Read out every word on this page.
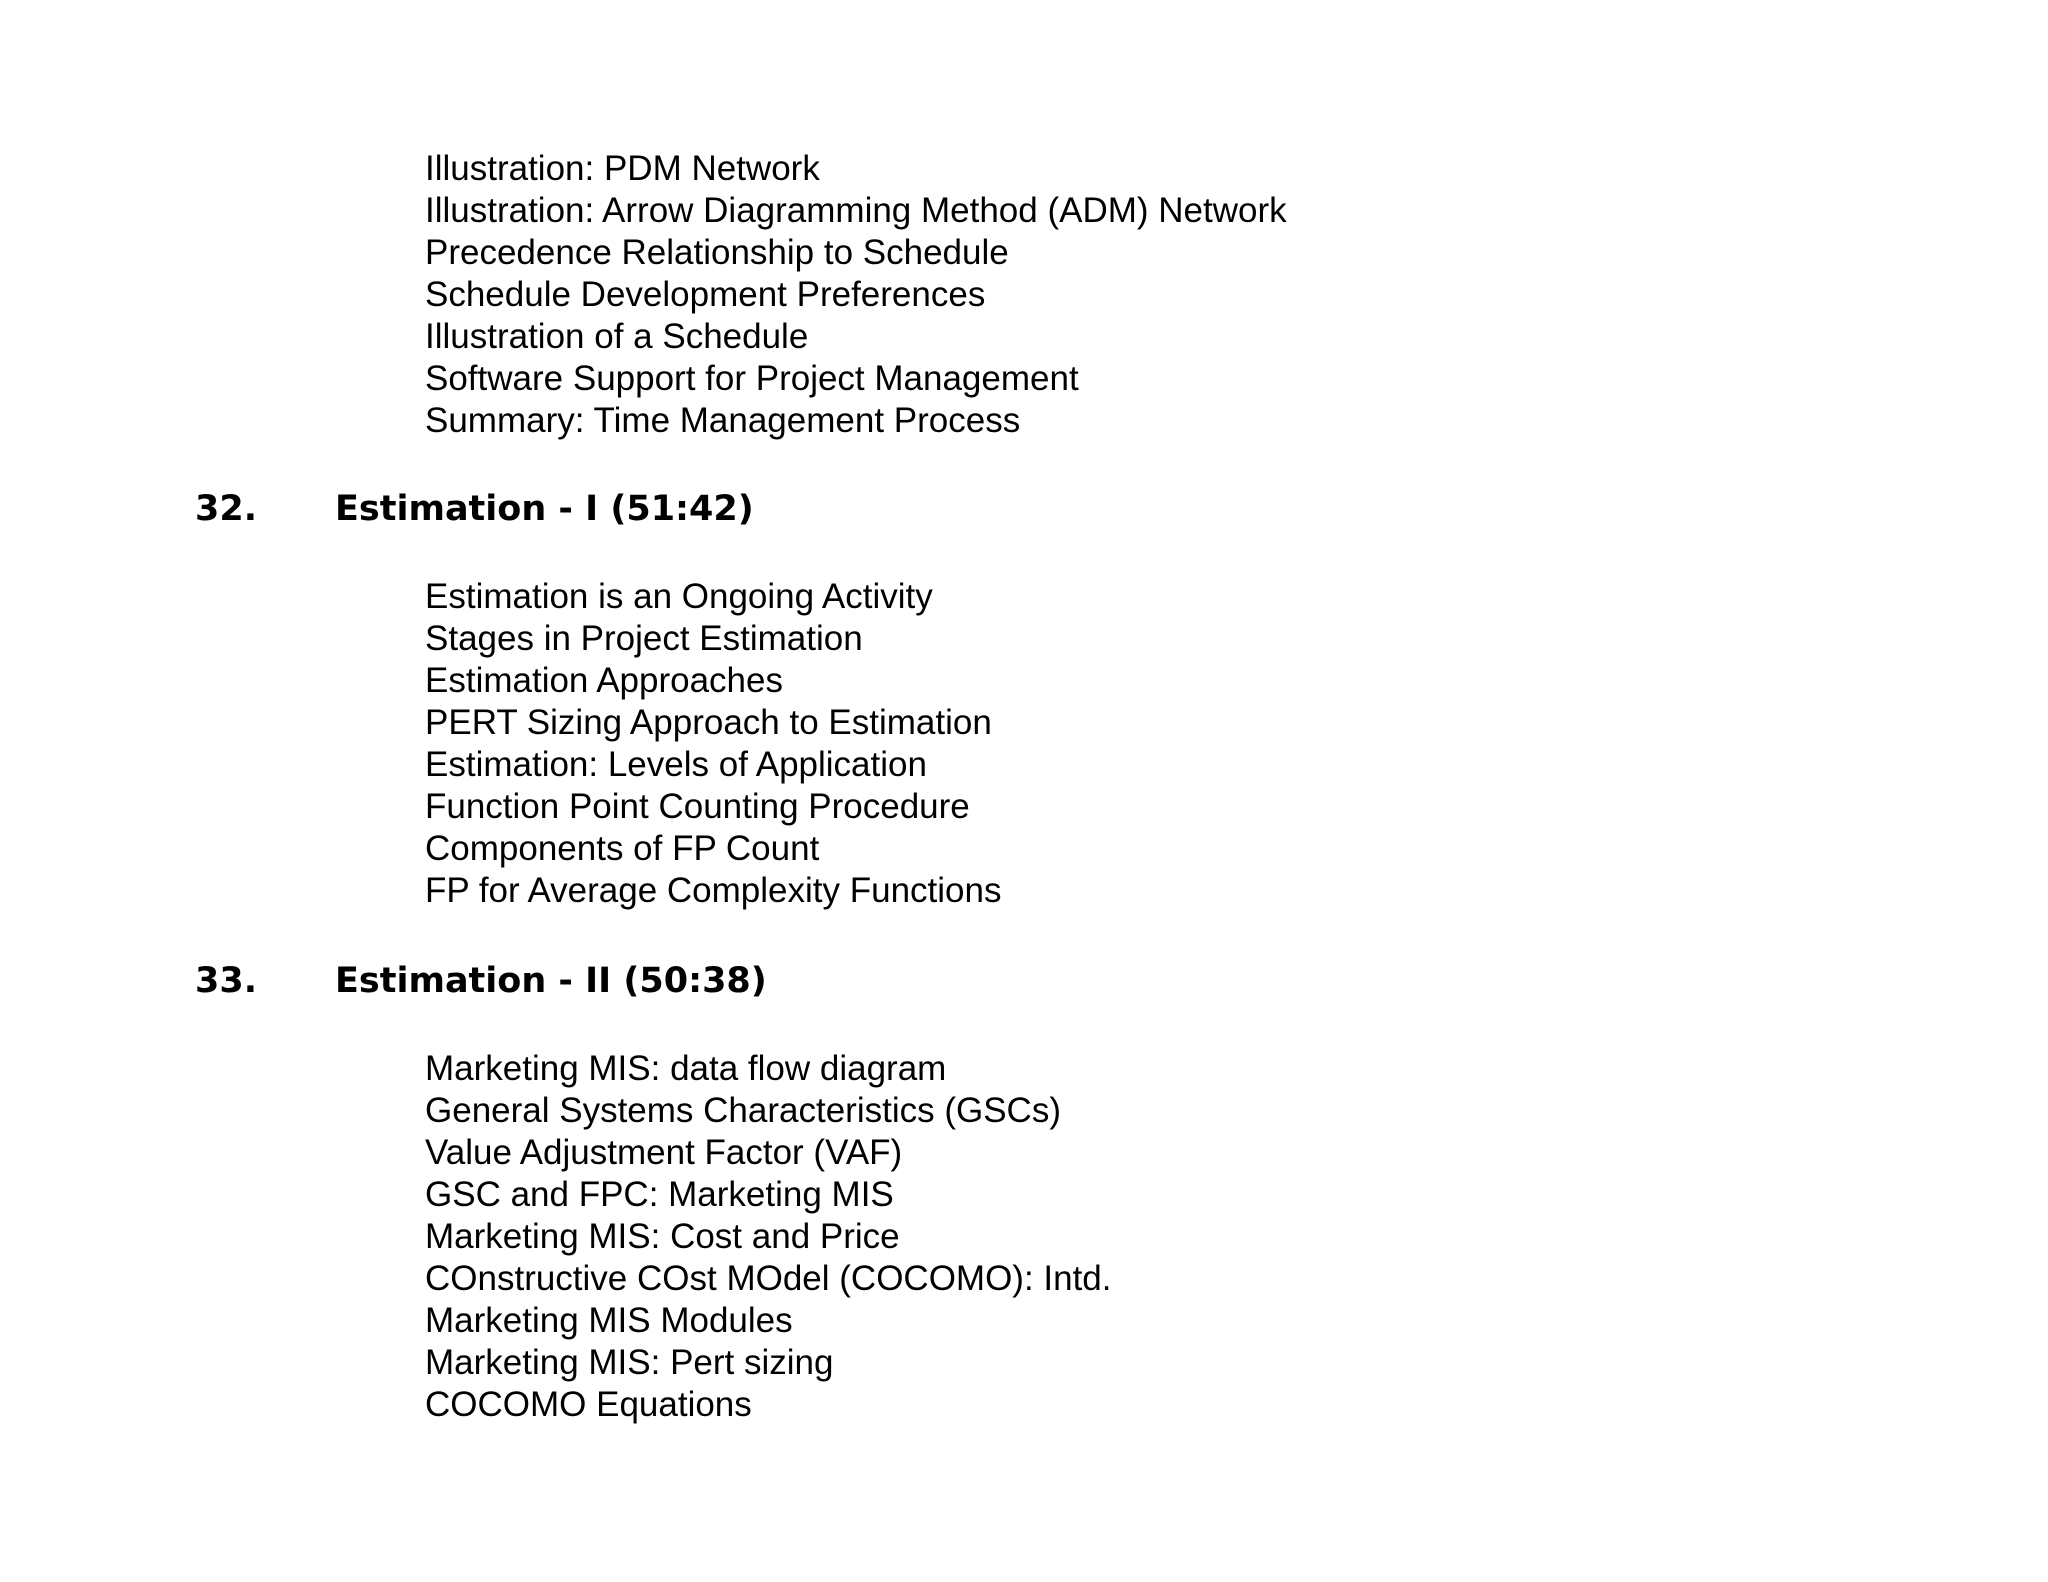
Illustration: PDM Network
Illustration: Arrow Diagramming Method (ADM) Network
Precedence Relationship to Schedule
Schedule Development Preferences
Illustration of a Schedule
Software Support for Project Management
Summary: Time Management Process
32. Estimation - I (51:42)
Estimation is an Ongoing Activity
Stages in Project Estimation
Estimation Approaches
PERT Sizing Approach to Estimation
Estimation: Levels of Application
Function Point Counting Procedure
Components of FP Count
FP for Average Complexity Functions
33. Estimation - II (50:38)
Marketing MIS: data flow diagram
General Systems Characteristics (GSCs)
Value Adjustment Factor (VAF)
GSC and FPC: Marketing MIS
Marketing MIS: Cost and Price
COnstructive COst MOdel (COCOMO): Intd.
Marketing MIS Modules
Marketing MIS: Pert sizing
COCOMO Equations
